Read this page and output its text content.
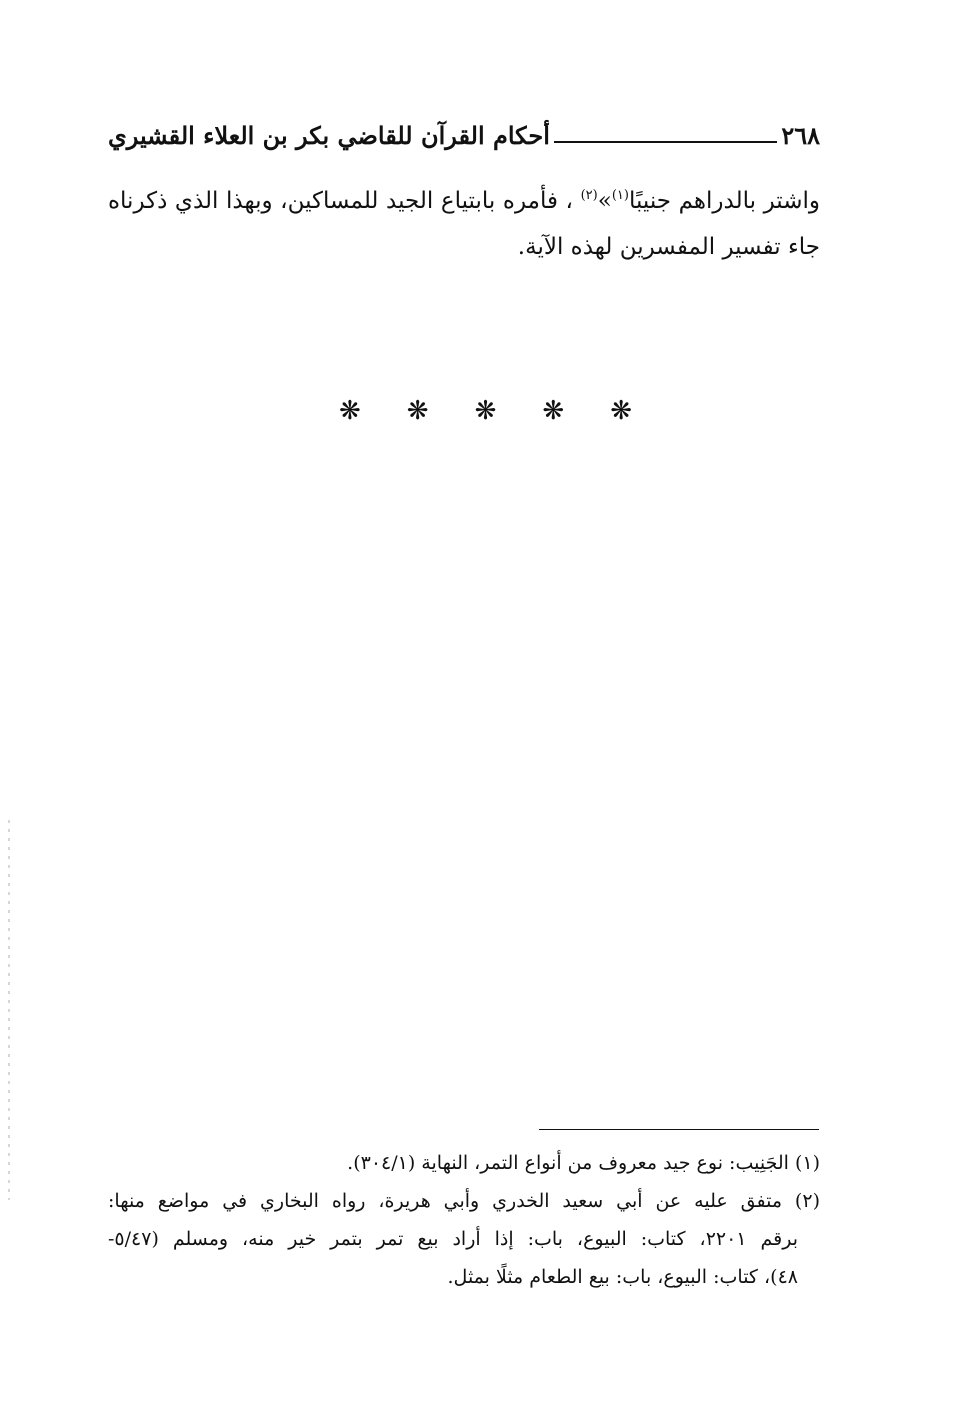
٢٦٨
أحكام القرآن للقاضي بكر بن العلاء القشيري
واشتر بالدراهم جنيبًا$^{(١)}$»$^{(٢)}$ ، فأمره بابتياع الجيد للمساكين، وبهذا الذي ذكرناه
جاء تفسير المفسرين لهذه الآية.
❋ ❋ ❋ ❋ ❋
(١) الجَنِيب: نوع جيد معروف من أنواع التمر، النهاية (٣٠٤/١).
(٢) متفق عليه عن أبي سعيد الخدري وأبي هريرة، رواه البخاري في مواضع منها:
برقم ٢٢٠١، كتاب: البيوع، باب: إذا أراد بيع تمر بتمر خير منه، ومسلم (٥/٤٧-
٤٨)، كتاب: البيوع، باب: بيع الطعام مثلًا بمثل.
